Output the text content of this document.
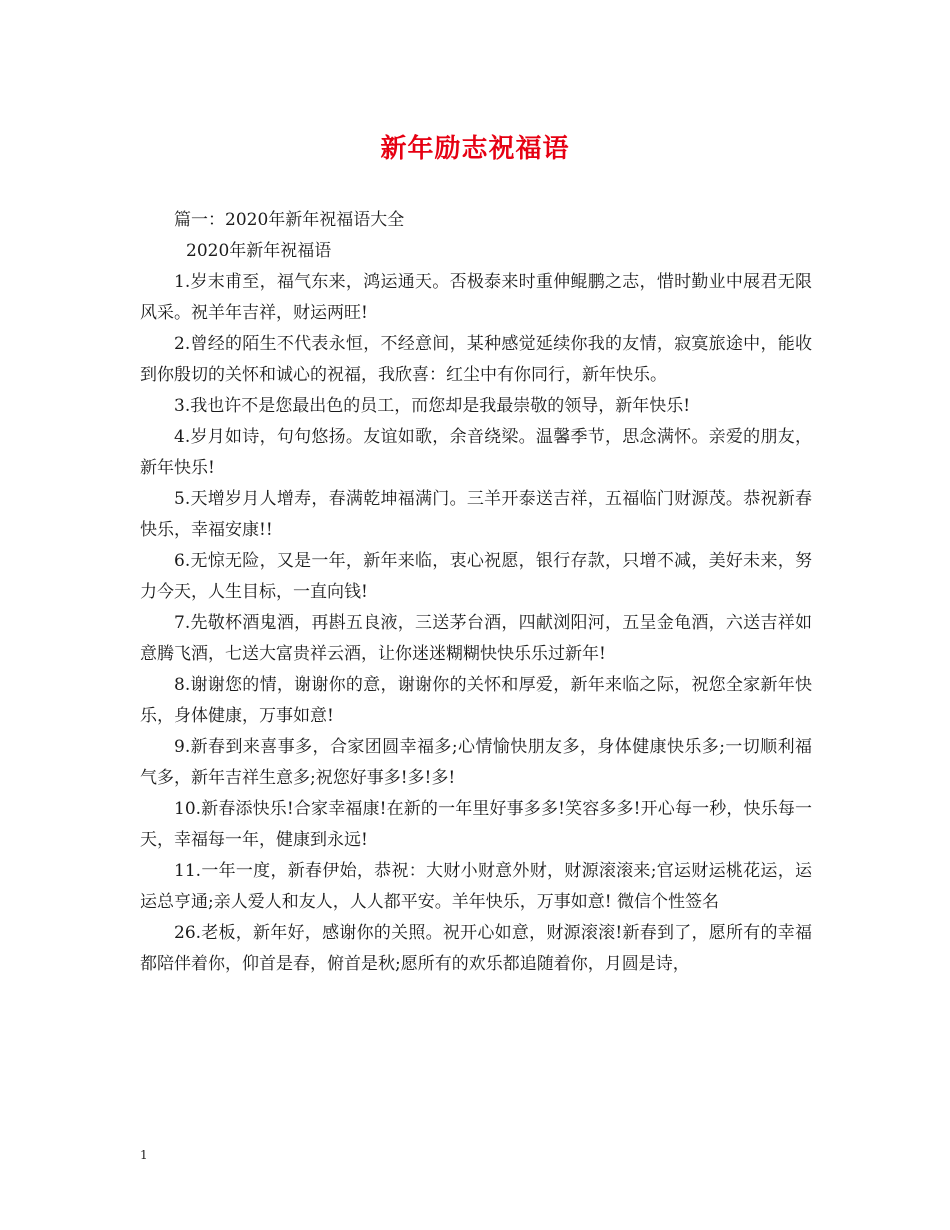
新年励志祝福语

篇一：2020年新年祝福语大全

2020年新年祝福语

1.岁末甫至，福气东来，鸿运通天。否极泰来时重伸鲲鹏之志，惜时勤业中展君无限风采。祝羊年吉祥，财运两旺!

2.曾经的陌生不代表永恒，不经意间，某种感觉延续你我的友情，寂寞旅途中，能收到你殷切的关怀和诚心的祝福，我欣喜：红尘中有你同行，新年快乐。

3.我也许不是您最出色的员工，而您却是我最崇敬的领导，新年快乐!

4.岁月如诗，句句悠扬。友谊如歌，余音绕梁。温馨季节，思念满怀。亲爱的朋友，新年快乐!

5.天增岁月人增寿，春满乾坤福满门。三羊开泰送吉祥，五福临门财源茂。恭祝新春快乐，幸福安康!!

6.无惊无险，又是一年，新年来临，衷心祝愿，银行存款，只增不减，美好未来，努力今天，人生目标，一直向钱!

7.先敬杯酒鬼酒，再斟五良液，三送茅台酒，四献浏阳河，五呈金龟酒，六送吉祥如意腾飞酒，七送大富贵祥云酒，让你迷迷糊糊快快乐乐过新年!

8.谢谢您的情，谢谢你的意，谢谢你的关怀和厚爱，新年来临之际，祝您全家新年快乐，身体健康，万事如意!

9.新春到来喜事多，合家团圆幸福多;心情愉快朋友多，身体健康快乐多;一切顺利福气多，新年吉祥生意多;祝您好事多!多!多!

10.新春添快乐!合家幸福康!在新的一年里好事多多!笑容多多!开心每一秒，快乐每一天，幸福每一年，健康到永远!

11.一年一度，新春伊始，恭祝：大财小财意外财，财源滚滚来;官运财运桃花运，运运总亨通;亲人爱人和友人，人人都平安。羊年快乐，万事如意! 微信个性签名

26.老板，新年好，感谢你的关照。祝开心如意，财源滚滚!新春到了，愿所有的幸福都陪伴着你，仰首是春，俯首是秋;愿所有的欢乐都追随着你，月圆是诗，

1
